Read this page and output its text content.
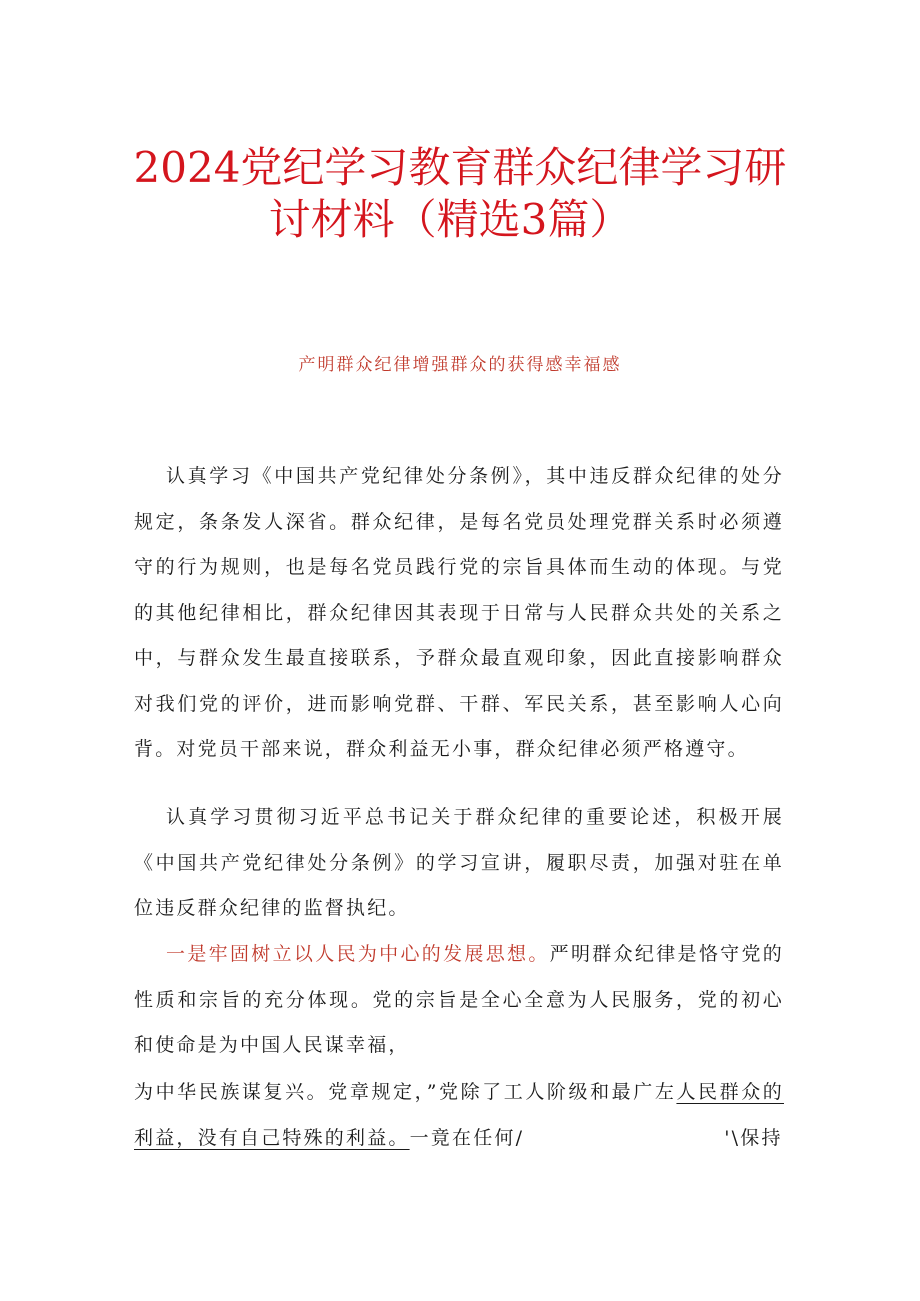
2024党纪学习教育群众纪律学习研
讨材料（精选3篇）

产明群众纪律增强群众的获得感幸福感

认真学习《中国共产党纪律处分条例》，其中违反群众纪律的处分规定，条条发人深省。群众纪律，是每名党员处理党群关系时必须遵守的行为规则，也是每名党员践行党的宗旨具体而生动的体现。与党的其他纪律相比，群众纪律因其表现于日常与人民群众共处的关系之中，与群众发生最直接联系，予群众最直观印象，因此直接影响群众对我们党的评价，进而影响党群、干群、军民关系，甚至影响人心向背。对党员干部来说，群众利益无小事，群众纪律必须严格遵守。

认真学习贯彻习近平总书记关于群众纪律的重要论述，积极开展《中国共产党纪律处分条例》的学习宣讲，履职尽责，加强对驻在单位违反群众纪律的监督执纪。

一是牢固树立以人民为中心的发展思想。严明群众纪律是恪守党的性质和宗旨的充分体现。党的宗旨是全心全意为人民服务，党的初心和使命是为中国人民谋幸福，

为中华民族谋复兴。党章规定，”党除了工人阶级和最广左人民群众的利益，没有自己特殊的利益。一竟在任何/	'\保持
